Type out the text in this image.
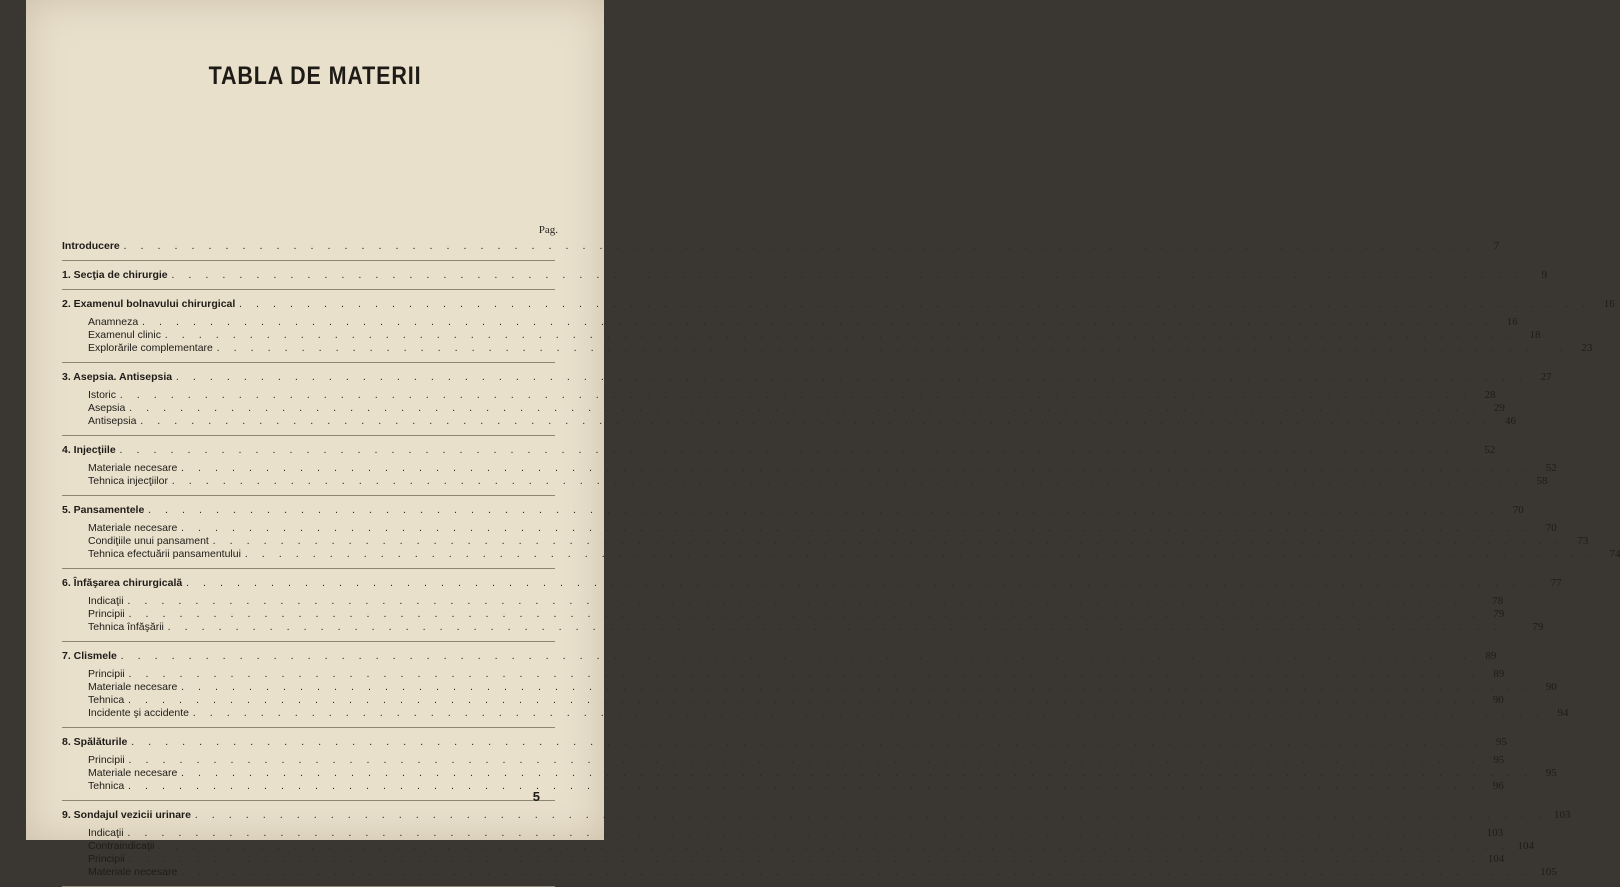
TABLA DE MATERII
Pag.
Introducere . . . . . . . . . . . . . . . . . . . . . . . . . . . . . . . . . . . . . . . . . . . . . . . . . . . . . . . . . . . . . . . . . . . . . . . . . . . . . . . .	7
1. Secţia de chirurgie . . . . . . . . . . . . . . . . . . . . . . . . . . . . . . . . . . . . . . . . . . . . . . . . . . . . . . . . . . . . . . . . . . . . . . . . . . . . . . . .	9
2. Examenul bolnavului chirurgical . . . . . . . . . . . . . . . . . . . . . . . . . . . . . . . . . . . . . . . . . . . . . . . . . . . . . . . . . . . . . . . . . . . . . . . . . . . . . . . .	16
Anamneza . . . . . . . . . . . . . . . . . . . . . . . . . . . . . . . . . . . . . . . . . . . . . . . . . . . . . . . . . . . . . . . . . . . . . . . . . . . . . . . .	16
Examenul clinic . . . . . . . . . . . . . . . . . . . . . . . . . . . . . . . . . . . . . . . . . . . . . . . . . . . . . . . . . . . . . . . . . . . . . . . . . . . . . . . .	18
Explorările complementare . . . . . . . . . . . . . . . . . . . . . . . . . . . . . . . . . . . . . . . . . . . . . . . . . . . . . . . . . . . . . . . . . . . . . . . . . . . . . . . .	23
3. Asepsia. Antisepsia . . . . . . . . . . . . . . . . . . . . . . . . . . . . . . . . . . . . . . . . . . . . . . . . . . . . . . . . . . . . . . . . . . . . . . . . . . . . . . . .	27
Istoric . . . . . . . . . . . . . . . . . . . . . . . . . . . . . . . . . . . . . . . . . . . . . . . . . . . . . . . . . . . . . . . . . . . . . . . . . . . . . . . .	28
Asepsia . . . . . . . . . . . . . . . . . . . . . . . . . . . . . . . . . . . . . . . . . . . . . . . . . . . . . . . . . . . . . . . . . . . . . . . . . . . . . . . .	29
Antisepsia . . . . . . . . . . . . . . . . . . . . . . . . . . . . . . . . . . . . . . . . . . . . . . . . . . . . . . . . . . . . . . . . . . . . . . . . . . . . . . . .	46
4. Injecţiile . . . . . . . . . . . . . . . . . . . . . . . . . . . . . . . . . . . . . . . . . . . . . . . . . . . . . . . . . . . . . . . . . . . . . . . . . . . . . . . .	52
Materiale necesare . . . . . . . . . . . . . . . . . . . . . . . . . . . . . . . . . . . . . . . . . . . . . . . . . . . . . . . . . . . . . . . . . . . . . . . . . . . . . . . .	52
Tehnica injecţiilor . . . . . . . . . . . . . . . . . . . . . . . . . . . . . . . . . . . . . . . . . . . . . . . . . . . . . . . . . . . . . . . . . . . . . . . . . . . . . . . .	58
5. Pansamentele . . . . . . . . . . . . . . . . . . . . . . . . . . . . . . . . . . . . . . . . . . . . . . . . . . . . . . . . . . . . . . . . . . . . . . . . . . . . . . . .	70
Materiale necesare . . . . . . . . . . . . . . . . . . . . . . . . . . . . . . . . . . . . . . . . . . . . . . . . . . . . . . . . . . . . . . . . . . . . . . . . . . . . . . . .	70
Condiţiile unui pansament . . . . . . . . . . . . . . . . . . . . . . . . . . . . . . . . . . . . . . . . . . . . . . . . . . . . . . . . . . . . . . . . . . . . . . . . . . . . . . . .	73
Tehnica efectuării pansamentului . . . . . . . . . . . . . . . . . . . . . . . . . . . . . . . . . . . . . . . . . . . . . . . . . . . . . . . . . . . . . . . . . . . . . . . . . . . . . . . .	74
6. Înfăşarea chirurgicală . . . . . . . . . . . . . . . . . . . . . . . . . . . . . . . . . . . . . . . . . . . . . . . . . . . . . . . . . . . . . . . . . . . . . . . . . . . . . . . .	77
Indicaţii . . . . . . . . . . . . . . . . . . . . . . . . . . . . . . . . . . . . . . . . . . . . . . . . . . . . . . . . . . . . . . . . . . . . . . . . . . . . . . . .	78
Principii . . . . . . . . . . . . . . . . . . . . . . . . . . . . . . . . . . . . . . . . . . . . . . . . . . . . . . . . . . . . . . . . . . . . . . . . . . . . . . . .	79
Tehnica înfăşării . . . . . . . . . . . . . . . . . . . . . . . . . . . . . . . . . . . . . . . . . . . . . . . . . . . . . . . . . . . . . . . . . . . . . . . . . . . . . . . .	79
7. Clismele . . . . . . . . . . . . . . . . . . . . . . . . . . . . . . . . . . . . . . . . . . . . . . . . . . . . . . . . . . . . . . . . . . . . . . . . . . . . . . . .	89
Principii . . . . . . . . . . . . . . . . . . . . . . . . . . . . . . . . . . . . . . . . . . . . . . . . . . . . . . . . . . . . . . . . . . . . . . . . . . . . . . . .	89
Materiale necesare . . . . . . . . . . . . . . . . . . . . . . . . . . . . . . . . . . . . . . . . . . . . . . . . . . . . . . . . . . . . . . . . . . . . . . . . . . . . . . . .	90
Tehnica . . . . . . . . . . . . . . . . . . . . . . . . . . . . . . . . . . . . . . . . . . . . . . . . . . . . . . . . . . . . . . . . . . . . . . . . . . . . . . . .	90
Incidente şi accidente . . . . . . . . . . . . . . . . . . . . . . . . . . . . . . . . . . . . . . . . . . . . . . . . . . . . . . . . . . . . . . . . . . . . . . . . . . . . . . . .	94
8. Spălăturile . . . . . . . . . . . . . . . . . . . . . . . . . . . . . . . . . . . . . . . . . . . . . . . . . . . . . . . . . . . . . . . . . . . . . . . . . . . . . . . .	95
Principii . . . . . . . . . . . . . . . . . . . . . . . . . . . . . . . . . . . . . . . . . . . . . . . . . . . . . . . . . . . . . . . . . . . . . . . . . . . . . . . .	95
Materiale necesare . . . . . . . . . . . . . . . . . . . . . . . . . . . . . . . . . . . . . . . . . . . . . . . . . . . . . . . . . . . . . . . . . . . . . . . . . . . . . . . .	95
Tehnica . . . . . . . . . . . . . . . . . . . . . . . . . . . . . . . . . . . . . . . . . . . . . . . . . . . . . . . . . . . . . . . . . . . . . . . . . . . . . . . .	96
9. Sondajul vezicii urinare . . . . . . . . . . . . . . . . . . . . . . . . . . . . . . . . . . . . . . . . . . . . . . . . . . . . . . . . . . . . . . . . . . . . . . . . . . . . . . . . 103
Indicaţii . . . . . . . . . . . . . . . . . . . . . . . . . . . . . . . . . . . . . . . . . . . . . . . . . . . . . . . . . . . . . . . . . . . . . . . . . . . . . . . . 103
Contraindicaţii . . . . . . . . . . . . . . . . . . . . . . . . . . . . . . . . . . . . . . . . . . . . . . . . . . . . . . . . . . . . . . . . . . . . . . . . . . . . . . . . 104
Principii . . . . . . . . . . . . . . . . . . . . . . . . . . . . . . . . . . . . . . . . . . . . . . . . . . . . . . . . . . . . . . . . . . . . . . . . . . . . . . . . 104
Materiale necesare . . . . . . . . . . . . . . . . . . . . . . . . . . . . . . . . . . . . . . . . . . . . . . . . . . . . . . . . . . . . . . . . . . . . . . . . . . . . . . . . 105
5
